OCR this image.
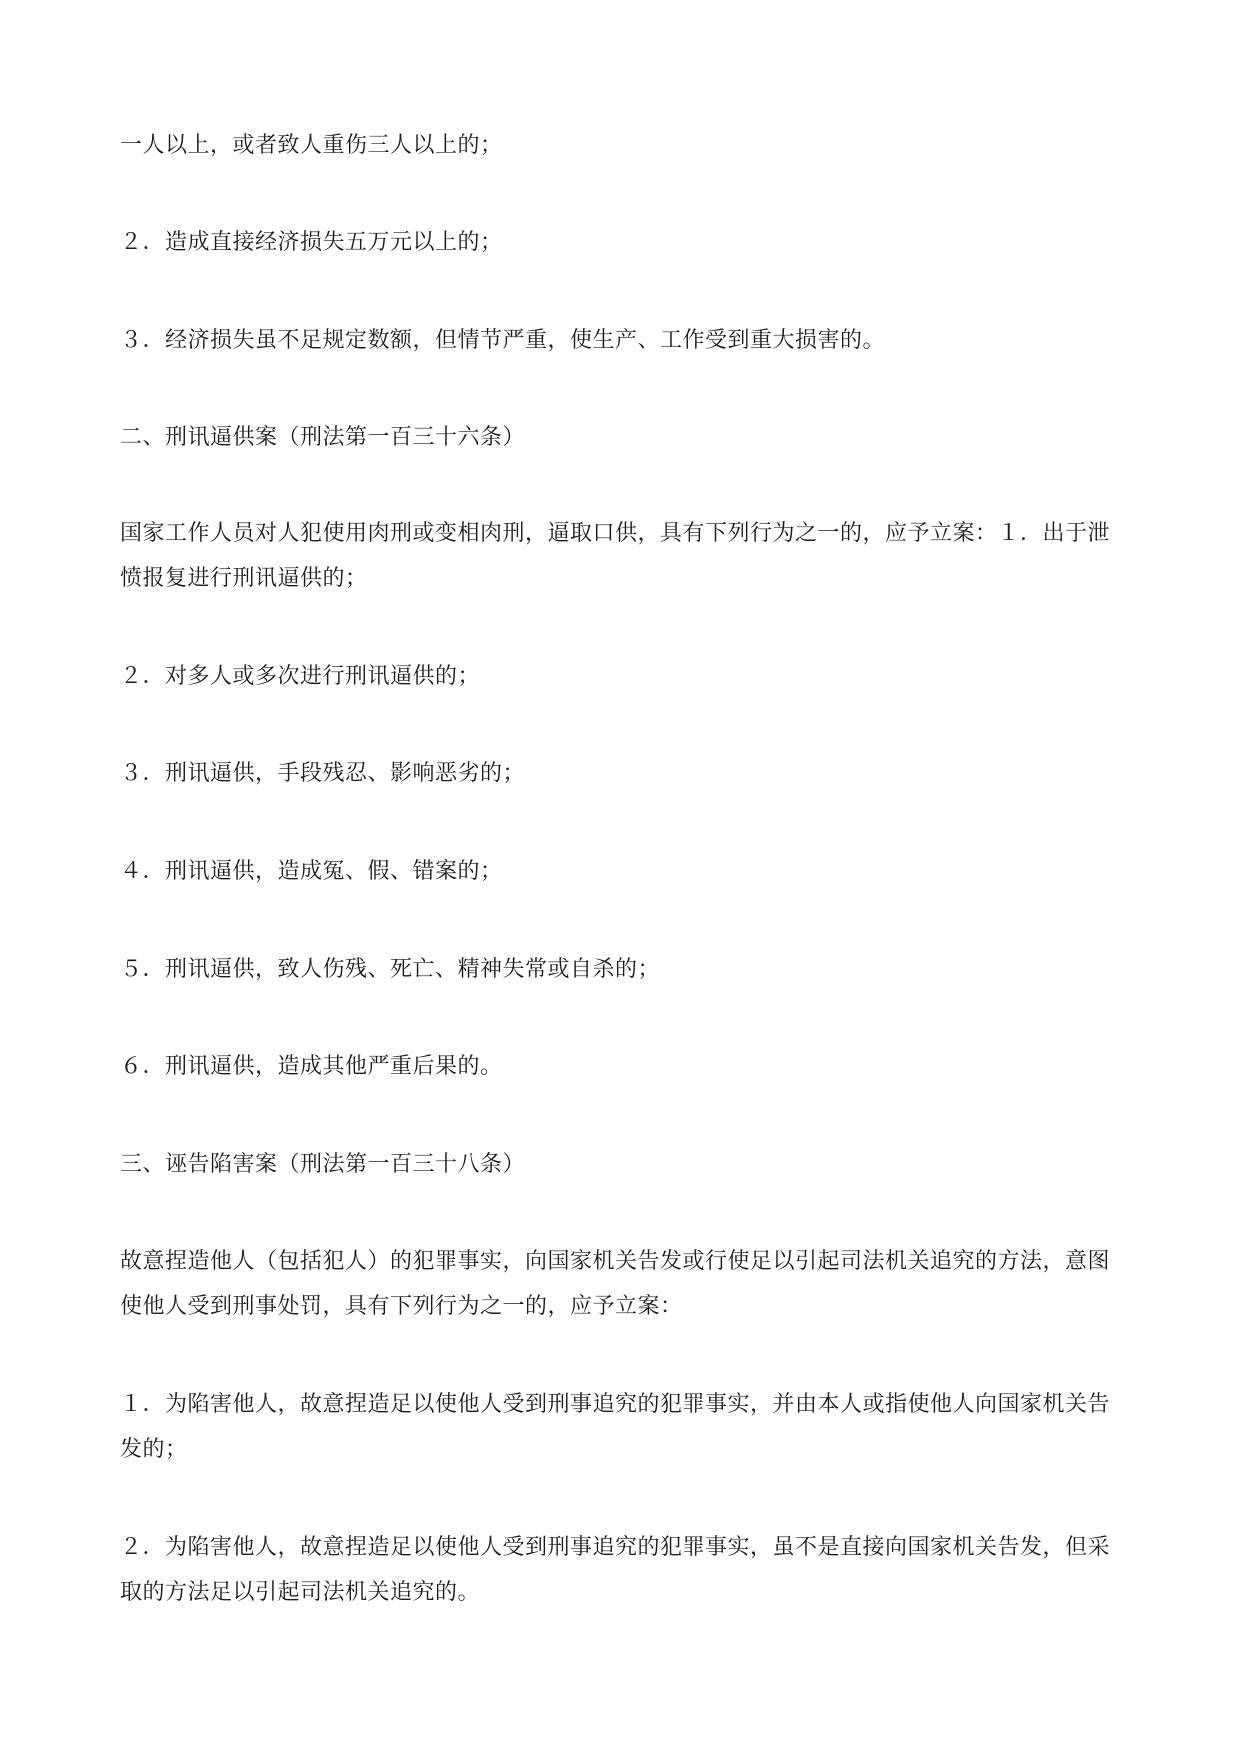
一人以上，或者致人重伤三人以上的；

２．造成直接经济损失五万元以上的；

３．经济损失虽不足规定数额，但情节严重，使生产、工作受到重大损害的。

二、刑讯逼供案（刑法第一百三十六条）

国家工作人员对人犯使用肉刑或变相肉刑，逼取口供，具有下列行为之一的，应予立案：１．出于泄愤报复进行刑讯逼供的；

２．对多人或多次进行刑讯逼供的；

３．刑讯逼供，手段残忍、影响恶劣的；

４．刑讯逼供，造成冤、假、错案的；

５．刑讯逼供，致人伤残、死亡、精神失常或自杀的；

６．刑讯逼供，造成其他严重后果的。

三、诬告陷害案（刑法第一百三十八条）

故意捏造他人（包括犯人）的犯罪事实，向国家机关告发或行使足以引起司法机关追究的方法，意图使他人受到刑事处罚，具有下列行为之一的，应予立案：

１．为陷害他人，故意捏造足以使他人受到刑事追究的犯罪事实，并由本人或指使他人向国家机关告发的；

２．为陷害他人，故意捏造足以使他人受到刑事追究的犯罪事实，虽不是直接向国家机关告发，但采取的方法足以引起司法机关追究的。
